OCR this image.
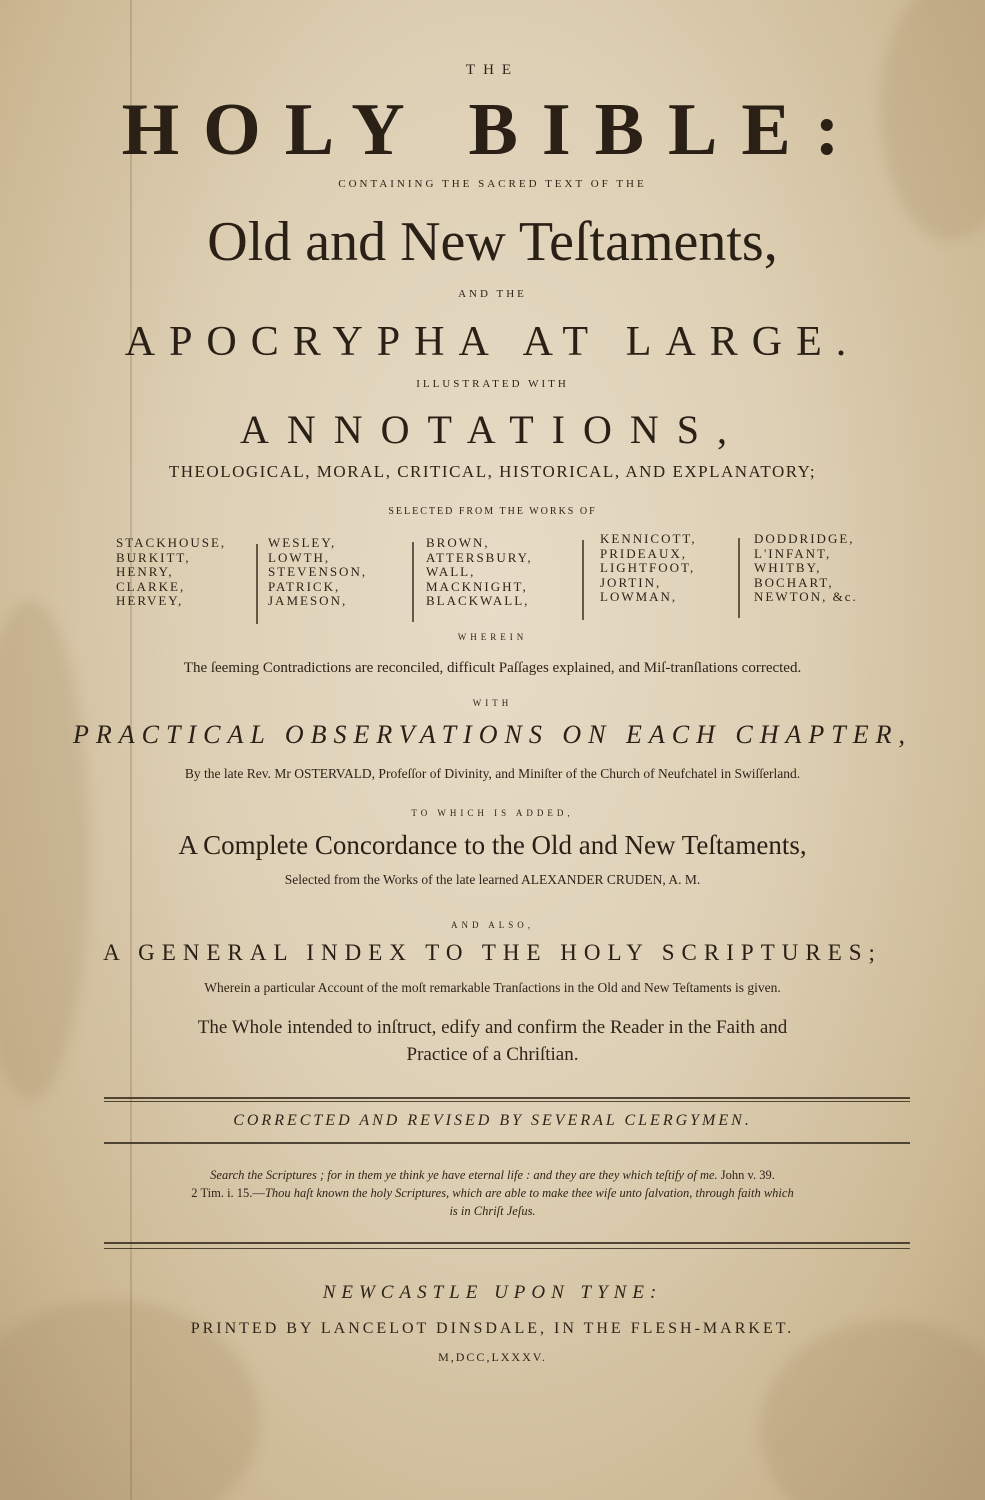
THE
HOLY BIBLE:
CONTAINING THE SACRED TEXT OF THE
Old and New Teſtaments,
AND THE
APOCRYPHA AT LARGE.
ILLUSTRATED WITH
ANNOTATIONS,
THEOLOGICAL, MORAL, CRITICAL, HISTORICAL, AND EXPLANATORY;
SELECTED FROM THE WORKS OF
STACKHOUSE,
BURKITT,
HENRY,
CLARKE,
HERVEY,
WESLEY,
LOWTH,
STEVENSON,
PATRICK,
JAMESON,
BROWN,
ATTERSBURY,
WALL,
MACKNIGHT,
BLACKWALL,
KENNICOTT,
PRIDEAUX,
LIGHTFOOT,
JORTIN,
LOWMAN,
DODDRIDGE,
L'INFANT,
WHITBY,
BOCHART,
NEWTON, &c.
WHEREIN
The ſeeming Contradictions are reconciled, difficult Paſſages explained, and Miſ-tranſlations corrected.
WITH
PRACTICAL OBSERVATIONS ON EACH CHAPTER,
By the late Rev. Mr OSTERVALD, Profeſſor of Divinity, and Miniſter of the Church of Neufchatel in Swiſſerland.
TO WHICH IS ADDED,
A Complete Concordance to the Old and New Teſtaments,
Selected from the Works of the late learned ALEXANDER CRUDEN, A. M.
AND ALSO,
A GENERAL INDEX TO THE HOLY SCRIPTURES;
Wherein a particular Account of the moſt remarkable Tranſactions in the Old and New Teſtaments is given.
The Whole intended to inſtruct, edify and confirm the Reader in the Faith and
Practice of a Chriſtian.
CORRECTED AND REVISED BY SEVERAL CLERGYMEN.
Search the Scriptures ; for in them ye think ye have eternal life : and they are they which teſtify of me. John v. 39.
2 Tim. i. 15.—Thou haſt known the holy Scriptures, which are able to make thee wiſe unto ſalvation, through faith which
is in Chriſt Jeſus.
NEWCASTLE UPON TYNE:
PRINTED BY LANCELOT DINSDALE, IN THE FLESH-MARKET.
M,DCC,LXXXV.
